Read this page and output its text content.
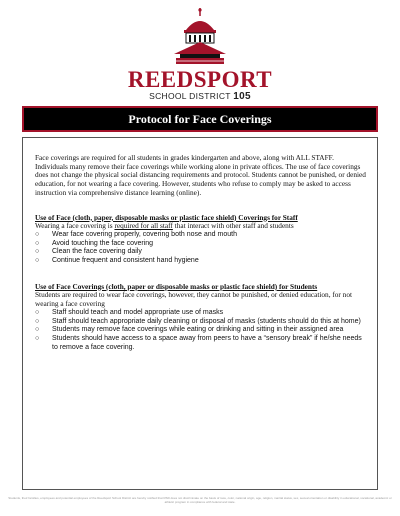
REEDSPORT
SCHOOL DISTRICT 105
Protocol for Face Coverings

Face coverings are required for all students in grades kindergarten and above, along with ALL STAFF. Individuals many remove their face coverings while working alone in private offices. The use of face coverings does not change the physical social distancing requirements and protocol. Students cannot be punished, or denied education, for not wearing a face covering. However, students who refuse to comply may be asked to access instruction via comprehensive distance learning (online).

Use of Face (cloth, paper, disposable masks or plastic face shield) Coverings for Staff

Wearing a face covering is required for all staff that interact with other staff and students

○ Wear face covering properly, covering both nose and mouth
○ Avoid touching the face covering
○ Clean the face covering daily
○ Continue frequent and consistent hand hygiene

Use of Face Coverings (cloth, paper or disposable masks or plastic face shield) for Students

Students are required to wear face coverings, however, they cannot be punished, or denied education, for not wearing a face covering

○ Staff should teach and model appropriate use of masks
○ Staff should teach appropriate daily cleaning or disposal of masks (students should do this at home)
○ Students may remove face coverings while eating or drinking and sitting in their assigned area
○ Students should have access to a space away from peers to have a “sensory break” if he/she needs to remove a face covering.
Students, their families, employees and potential employees of the Reedsport School District are hereby notified that RSD does not discriminate on the basis of race, color, national origin, age, religion, marital status, sex, sexual orientation or disability in educational, vocational, academic or athletic program in compliance with federal and state.
